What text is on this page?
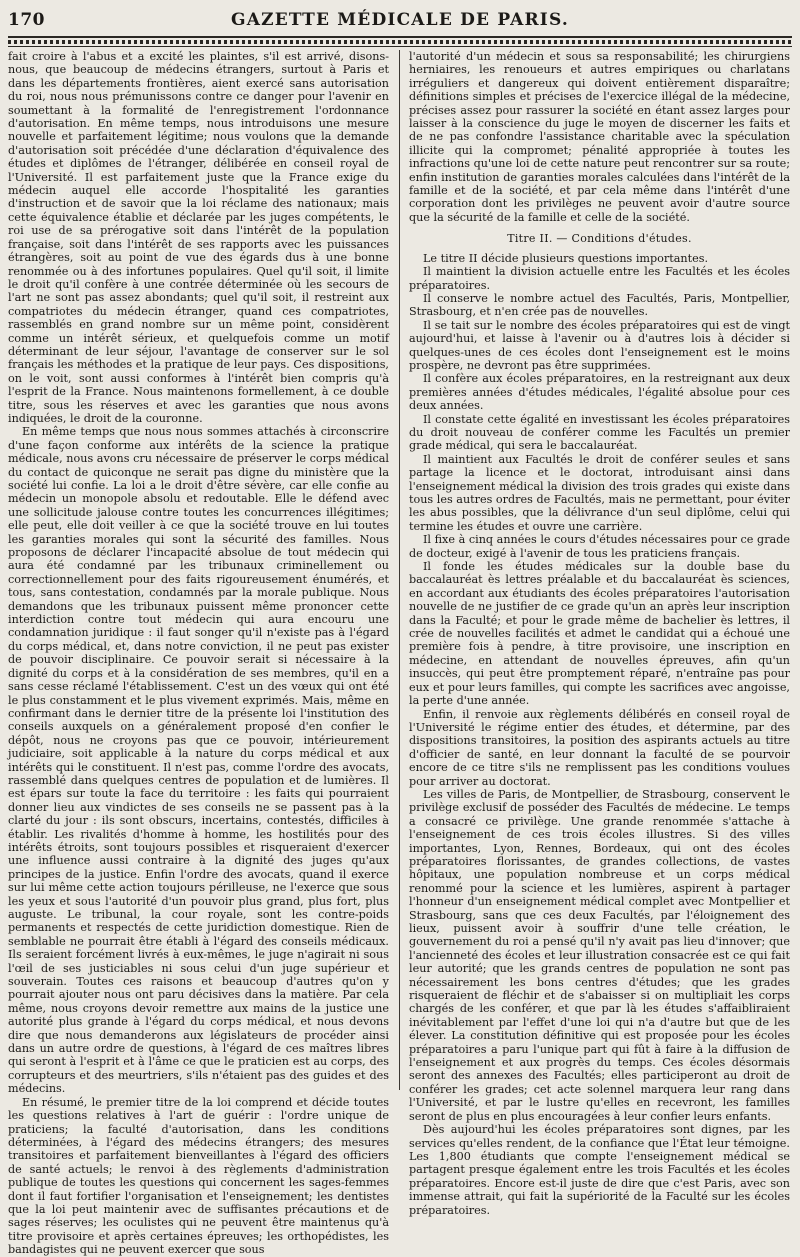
170	GAZETTE MÉDICALE DE PARIS.

fait croire à l'abus et a excité les plaintes, s'il est arrivé, disons-nous, que beaucoup de médecins étrangers, surtout à Paris et dans les départements frontières, aient exercé sans autorisation du roi, nous nous prémunissons contre ce danger pour l'avenir en soumettant à la formalité de l'enregistrement l'ordonnance d'autorisation. En même temps, nous introduisons une mesure nouvelle et parfaitement légitime; nous voulons que la demande d'autorisation soit précédée d'une déclaration d'équivalence des études et diplômes de l'étranger, délibérée en conseil royal de l'Université. Il est parfaitement juste que la France exige du médecin auquel elle accorde l'hospitalité les garanties d'instruction et de savoir que la loi réclame des nationaux; mais cette équivalence établie et déclarée par les juges compétents, le roi use de sa prérogative soit dans l'intérêt de la population française, soit dans l'intérêt de ses rapports avec les puissances étrangères, soit au point de vue des égards dus à une bonne renommée ou à des infortunes populaires. Quel qu'il soit, il limite le droit qu'il confère à une contrée déterminée où les secours de l'art ne sont pas assez abondants; quel qu'il soit, il restreint aux compatriotes du médecin étranger, quand ces compatriotes, rassemblés en grand nombre sur un même point, considèrent comme un intérêt sérieux, et quelquefois comme un motif déterminant de leur séjour, l'avantage de conserver sur le sol français les méthodes et la pratique de leur pays. Ces dispositions, on le voit, sont aussi conformes à l'intérêt bien compris qu'à l'esprit de la France. Nous maintenons formellement, à ce double titre, sous les réserves et avec les garanties que nous avons indiquées, le droit de la couronne.

En même temps que nous nous sommes attachés à circonscrire d'une façon conforme aux intérêts de la science la pratique médicale, nous avons cru nécessaire de préserver le corps médical du contact de quiconque ne serait pas digne du ministère que la société lui confie. La loi a le droit d'être sévère, car elle confie au médecin un monopole absolu et redoutable. Elle le défend avec une sollicitude jalouse contre toutes les concurrences illégitimes; elle peut, elle doit veiller à ce que la société trouve en lui toutes les garanties morales qui sont la sécurité des familles. Nous proposons de déclarer l'incapacité absolue de tout médecin qui aura été condamné par les tribunaux criminellement ou correctionnellement pour des faits rigoureusement énumérés, et tous, sans contestation, condamnés par la morale publique. Nous demandons que les tribunaux puissent même prononcer cette interdiction contre tout médecin qui aura encouru une condamnation juridique : il faut songer qu'il n'existe pas à l'égard du corps médical, et, dans notre conviction, il ne peut pas exister de pouvoir disciplinaire. Ce pouvoir serait si nécessaire à la dignité du corps et à la considération de ses membres, qu'il en a sans cesse réclamé l'établissement. C'est un des vœux qui ont été le plus constamment et le plus vivement exprimés. Mais, même en confirmant dans le dernier titre de la présente loi l'institution des conseils auxquels on a généralement proposé d'en confier le dépôt, nous ne croyons pas que ce pouvoir, intérieurement judiciaire, soit applicable à la nature du corps médical et aux intérêts qui le constituent. Il n'est pas, comme l'ordre des avocats, rassemblé dans quelques centres de population et de lumières. Il est épars sur toute la face du territoire : les faits qui pourraient donner lieu aux vindictes de ses conseils ne se passent pas à la clarté du jour : ils sont obscurs, incertains, contestés, difficiles à établir. Les rivalités d'homme à homme, les hostilités pour des intérêts étroits, sont toujours possibles et risqueraient d'exercer une influence aussi contraire à la dignité des juges qu'aux principes de la justice. Enfin l'ordre des avocats, quand il exerce sur lui même cette action toujours périlleuse, ne l'exerce que sous les yeux et sous l'autorité d'un pouvoir plus grand, plus fort, plus auguste. Le tribunal, la cour royale, sont les contre-poids permanents et respectés de cette juridiction domestique. Rien de semblable ne pourrait être établi à l'égard des conseils médicaux. Ils seraient forcément livrés à eux-mêmes, le juge n'agirait ni sous l'œil de ses justiciables ni sous celui d'un juge supérieur et souverain. Toutes ces raisons et beaucoup d'autres qu'on y pourrait ajouter nous ont paru décisives dans la matière. Par cela même, nous croyons devoir remettre aux mains de la justice une autorité plus grande à l'égard du corps médical, et nous devons dire que nous demanderons aux législateurs de procéder ainsi dans un autre ordre de questions, à l'égard de ces maîtres libres qui seront à l'esprit et à l'âme ce que le praticien est au corps, des corrupteurs et des meurtriers, s'ils n'étaient pas des guides et des médecins.

En résumé, le premier titre de la loi comprend et décide toutes les questions relatives à l'art de guérir : l'ordre unique de praticiens; la faculté d'autorisation, dans les conditions déterminées, à l'égard des médecins étrangers; des mesures transitoires et parfaitement bienveillantes à l'égard des officiers de santé actuels; le renvoi à des règlements d'administration publique de toutes les questions qui concernent les sages-femmes dont il faut fortifier l'organisation et l'enseignement; les dentistes que la loi peut maintenir avec de suffisantes précautions et de sages réserves; les oculistes qui ne peuvent être maintenus qu'à titre provisoire et après certaines épreuves; les orthopédistes, les bandagistes qui ne peuvent exercer que sous

l'autorité d'un médecin et sous sa responsabilité; les chirurgiens herniaires, les renoueurs et autres empiriques ou charlatans irréguliers et dangereux qui doivent entièrement disparaître; définitions simples et précises de l'exercice illégal de la médecine, précises assez pour rassurer la société en étant assez larges pour laisser à la conscience du juge le moyen de discerner les faits et de ne pas confondre l'assistance charitable avec la spéculation illicite qui la compromet; pénalité appropriée à toutes les infractions qu'une loi de cette nature peut rencontrer sur sa route; enfin institution de garanties morales calculées dans l'intérêt de la famille et de la société, et par cela même dans l'intérêt d'une corporation dont les privilèges ne peuvent avoir d'autre source que la sécurité de la famille et celle de la société.

Titre II. — Conditions d'études.

Le titre II décide plusieurs questions importantes.

Il maintient la division actuelle entre les Facultés et les écoles préparatoires.

Il conserve le nombre actuel des Facultés, Paris, Montpellier, Strasbourg, et n'en crée pas de nouvelles.

Il se tait sur le nombre des écoles préparatoires qui est de vingt aujourd'hui, et laisse à l'avenir ou à d'autres lois à décider si quelques-unes de ces écoles dont l'enseignement est le moins prospère, ne devront pas être supprimées.

Il confère aux écoles préparatoires, en la restreignant aux deux premières années d'études médicales, l'égalité absolue pour ces deux années.

Il constate cette égalité en investissant les écoles préparatoires du droit nouveau de conférer comme les Facultés un premier grade médical, qui sera le baccalauréat.

Il maintient aux Facultés le droit de conférer seules et sans partage la licence et le doctorat, introduisant ainsi dans l'enseignement médical la division des trois grades qui existe dans tous les autres ordres de Facultés, mais ne permettant, pour éviter les abus possibles, que la délivrance d'un seul diplôme, celui qui termine les études et ouvre une carrière.

Il fixe à cinq années le cours d'études nécessaires pour ce grade de docteur, exigé à l'avenir de tous les praticiens français.

Il fonde les études médicales sur la double base du baccalauréat ès lettres préalable et du baccalauréat ès sciences, en accordant aux étudiants des écoles préparatoires l'autorisation nouvelle de ne justifier de ce grade qu'un an après leur inscription dans la Faculté; et pour le grade même de bachelier ès lettres, il crée de nouvelles facilités et admet le candidat qui a échoué une première fois à pendre, à titre provisoire, une inscription en médecine, en attendant de nouvelles épreuves, afin qu'un insuccès, qui peut être promptement réparé, n'entraîne pas pour eux et pour leurs familles, qui compte les sacrifices avec angoisse, la perte d'une année.

Enfin, il renvoie aux règlements délibérés en conseil royal de l'Université le régime entier des études, et détermine, par des dispositions transitoires, la position des aspirants actuels au titre d'officier de santé, en leur donnant la faculté de se pourvoir encore de ce titre s'ils ne remplissent pas les conditions voulues pour arriver au doctorat.

Les villes de Paris, de Montpellier, de Strasbourg, conservent le privilège exclusif de posséder des Facultés de médecine. Le temps a consacré ce privilège. Une grande renommée s'attache à l'enseignement de ces trois écoles illustres. Si des villes importantes, Lyon, Rennes, Bordeaux, qui ont des écoles préparatoires florissantes, de grandes collections, de vastes hôpitaux, une population nombreuse et un corps médical renommé pour la science et les lumières, aspirent à partager l'honneur d'un enseignement médical complet avec Montpellier et Strasbourg, sans que ces deux Facultés, par l'éloignement des lieux, puissent avoir à souffrir d'une telle création, le gouvernement du roi a pensé qu'il n'y avait pas lieu d'innover; que l'ancienneté des écoles et leur illustration consacrée est ce qui fait leur autorité; que les grands centres de population ne sont pas nécessairement les bons centres d'études; que les grades risqueraient de fléchir et de s'abaisser si on multipliait les corps chargés de les conférer, et que par là les études s'affaibliraient inévitablement par l'effet d'une loi qui n'a d'autre but que de les élever. La constitution définitive qui est proposée pour les écoles préparatoires a paru l'unique part qui fût à faire à la diffusion de l'enseignement et aux progrès du temps. Ces écoles désormais seront des annexes des Facultés; elles participeront au droit de conférer les grades; cet acte solennel marquera leur rang dans l'Université, et par le lustre qu'elles en recevront, les familles seront de plus en plus encouragées à leur confier leurs enfants.

Dès aujourd'hui les écoles préparatoires sont dignes, par les services qu'elles rendent, de la confiance que l'État leur témoigne. Les 1,800 étudiants que compte l'enseignement médical se partagent presque également entre les trois Facultés et les écoles préparatoires. Encore est-il juste de dire que c'est Paris, avec son immense attrait, qui fait la supériorité de la Faculté sur les écoles préparatoires.
